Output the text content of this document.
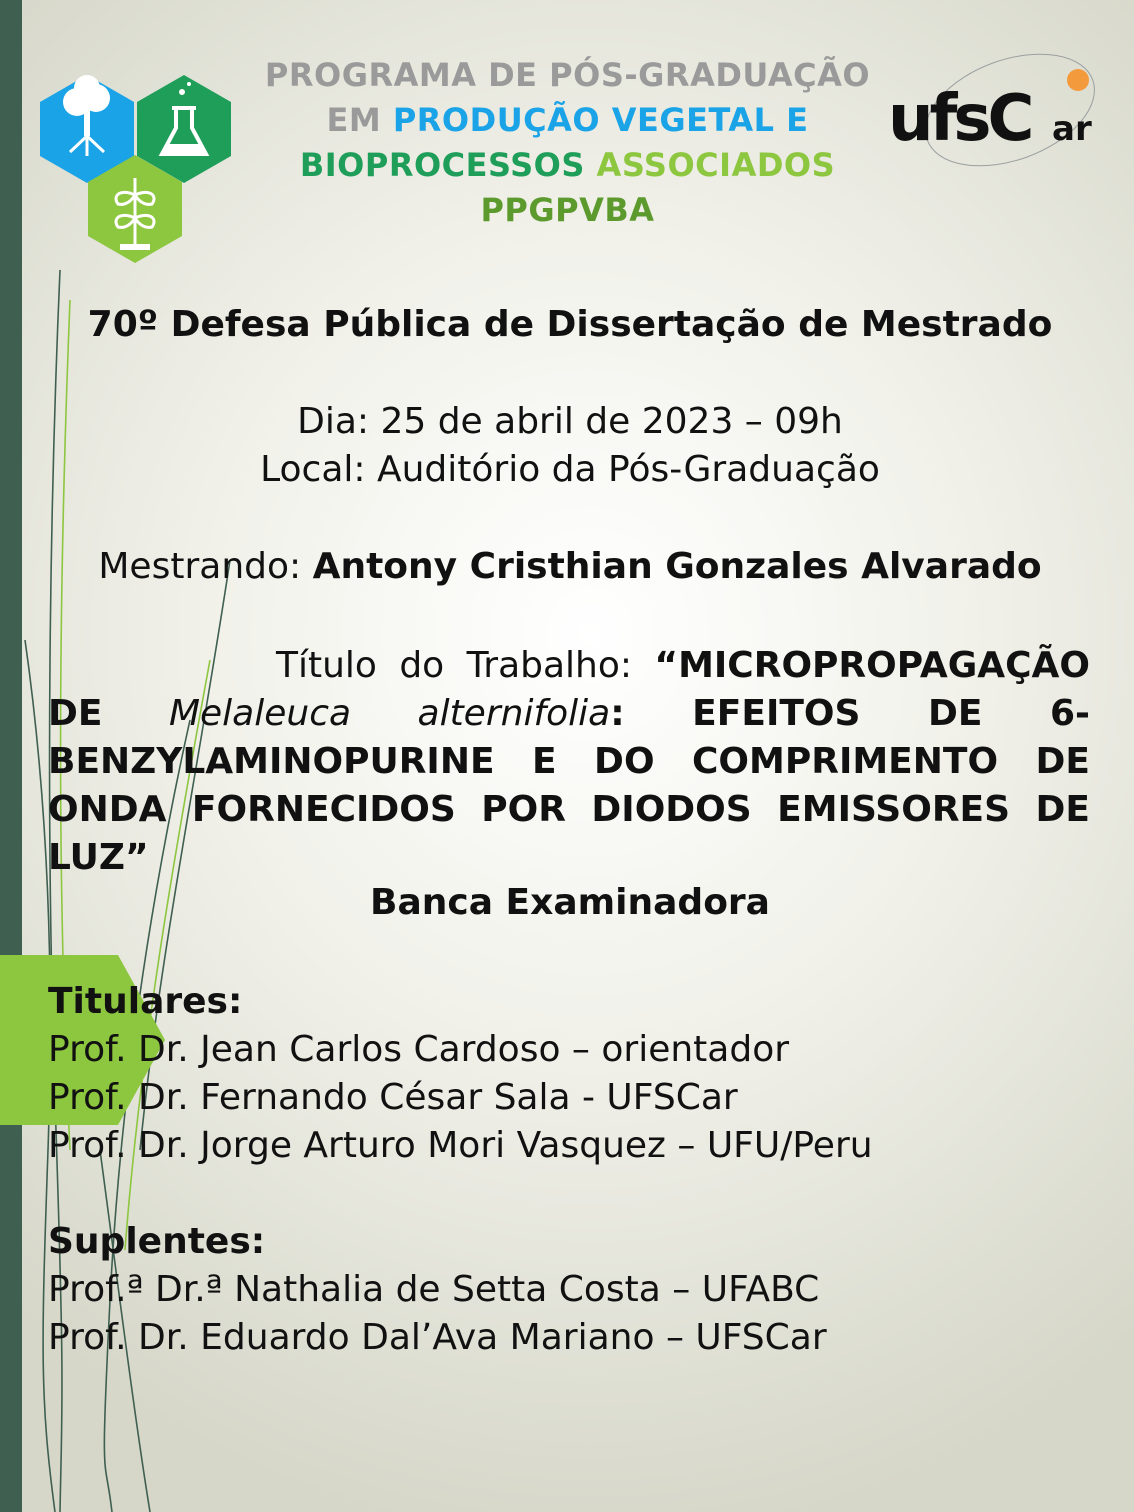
ufsC ar
PROGRAMA DE PÓS-GRADUAÇÃO
EM PRODUÇÃO VEGETAL E
BIOPROCESSOS ASSOCIADOS
PPGPVBA
70º Defesa Pública de Dissertação de Mestrado
Dia: 25 de abril de 2023 – 09h
Local: Auditório da Pós-Graduação
Mestrando: Antony Cristhian Gonzales Alvarado
Título do Trabalho: “MICROPROPAGAÇÃO DE Melaleuca alternifolia: EFEITOS DE 6-BENZYLAMINOPURINE E DO COMPRIMENTO DE ONDA FORNECIDOS POR DIODOS EMISSORES DE LUZ”
Banca Examinadora
Titulares:
Prof. Dr. Jean Carlos Cardoso – orientador
Prof. Dr. Fernando César Sala - UFSCar
Prof. Dr. Jorge Arturo Mori Vasquez – UFU/Peru
Suplentes:
Prof.ª Dr.ª Nathalia de Setta Costa – UFABC
Prof. Dr. Eduardo Dal’Ava Mariano – UFSCar
